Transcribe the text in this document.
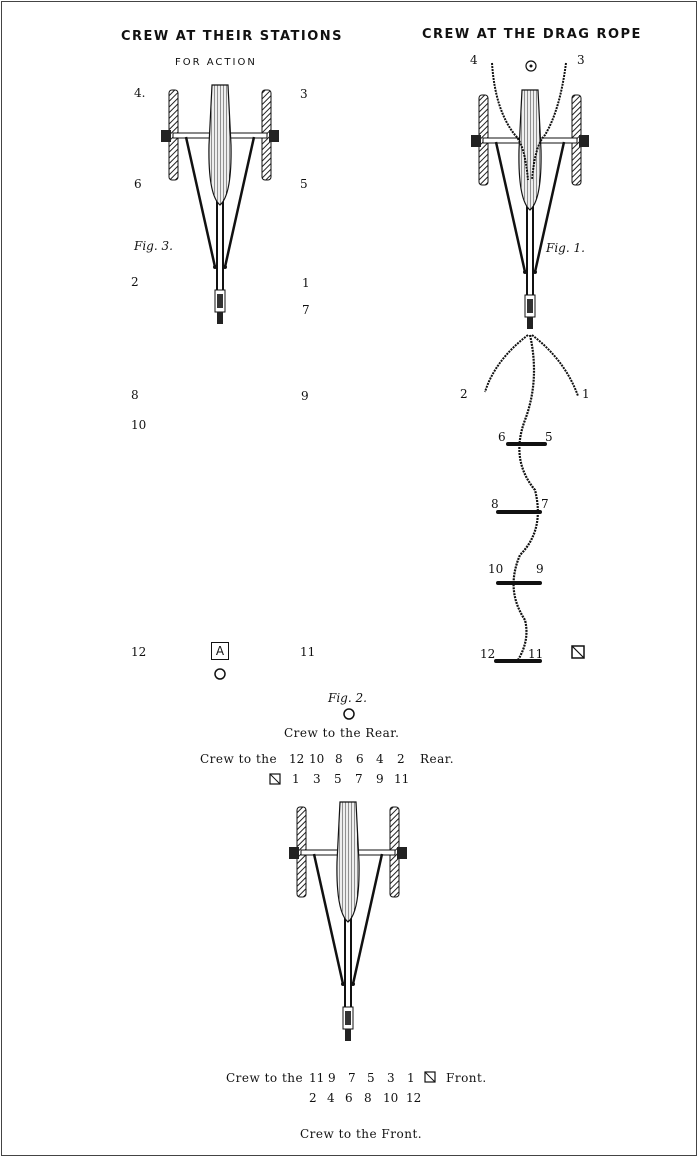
CREW AT THEIR STATIONS
FOR ACTION
CREW AT THE DRAG ROPE
4.	3
6	5
Fig. 3.
2	1
7
8	9
10
12	11
A
4	3
Fig. 1.
2	1
6	5
8	7
10	9
12	11
Fig. 2.
Crew to the Rear.
Crew to the 12 10 8 6 4 2 Rear.
1 3 5 7 9 11
Crew to the 11 9 7 5 3 1	Front.
2 4 6 8 10 12
Crew to the Front.
